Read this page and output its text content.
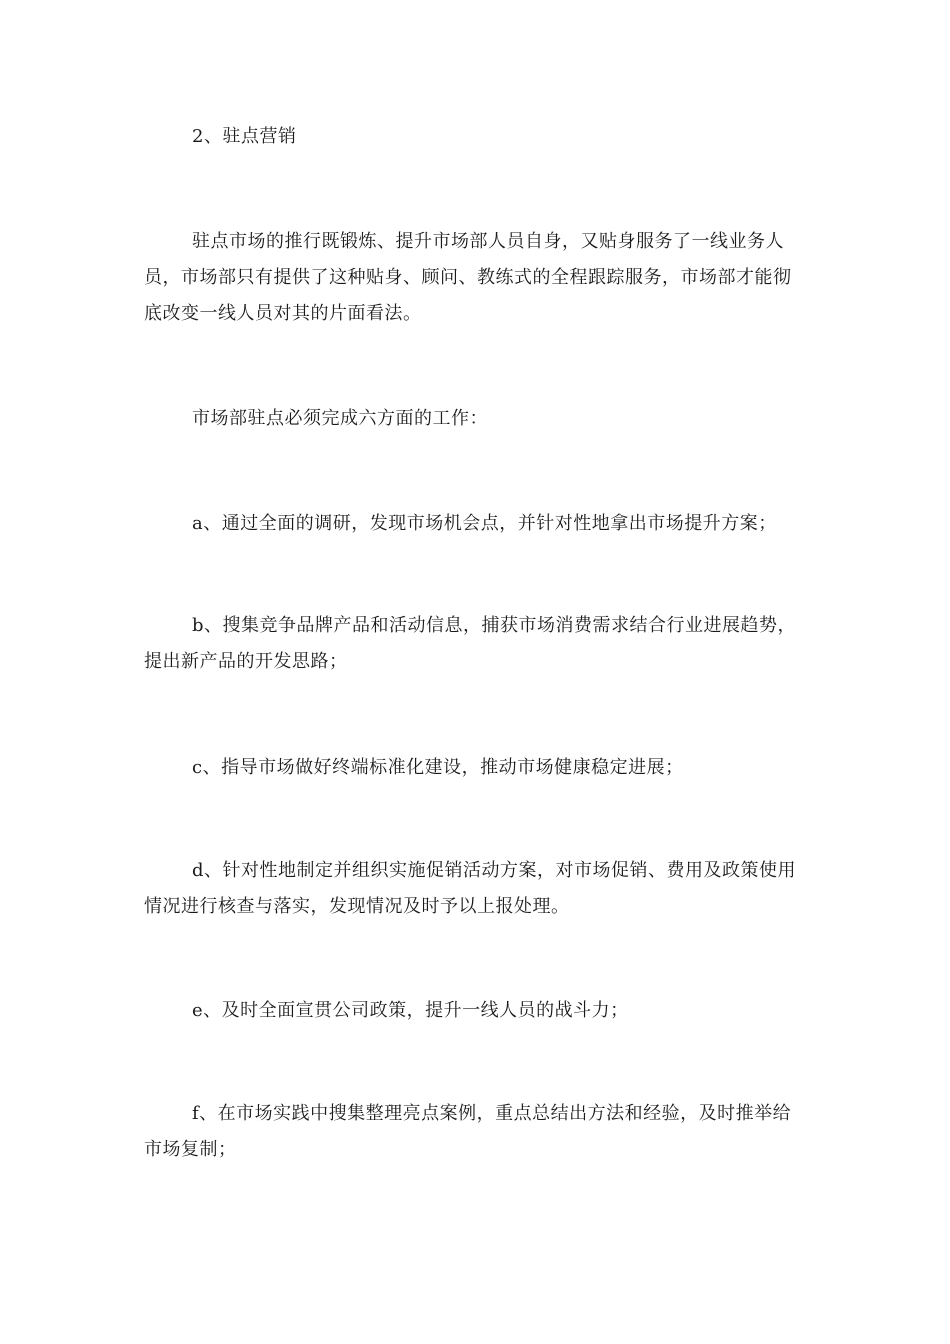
2、驻点营销

驻点市场的推行既锻炼、提升市场部人员自身，又贴身服务了一线业务人员，市场部只有提供了这种贴身、顾问、教练式的全程跟踪服务，市场部才能彻底改变一线人员对其的片面看法。

市场部驻点必须完成六方面的工作：

a、通过全面的调研，发现市场机会点，并针对性地拿出市场提升方案；

b、搜集竞争品牌产品和活动信息，捕获市场消费需求结合行业进展趋势，提出新产品的开发思路；

c、指导市场做好终端标准化建设，推动市场健康稳定进展；

d、针对性地制定并组织实施促销活动方案，对市场促销、费用及政策使用情况进行核查与落实，发现情况及时予以上报处理。

e、及时全面宣贯公司政策，提升一线人员的战斗力；

f、在市场实践中搜集整理亮点案例，重点总结出方法和经验，及时推举给市场复制；
